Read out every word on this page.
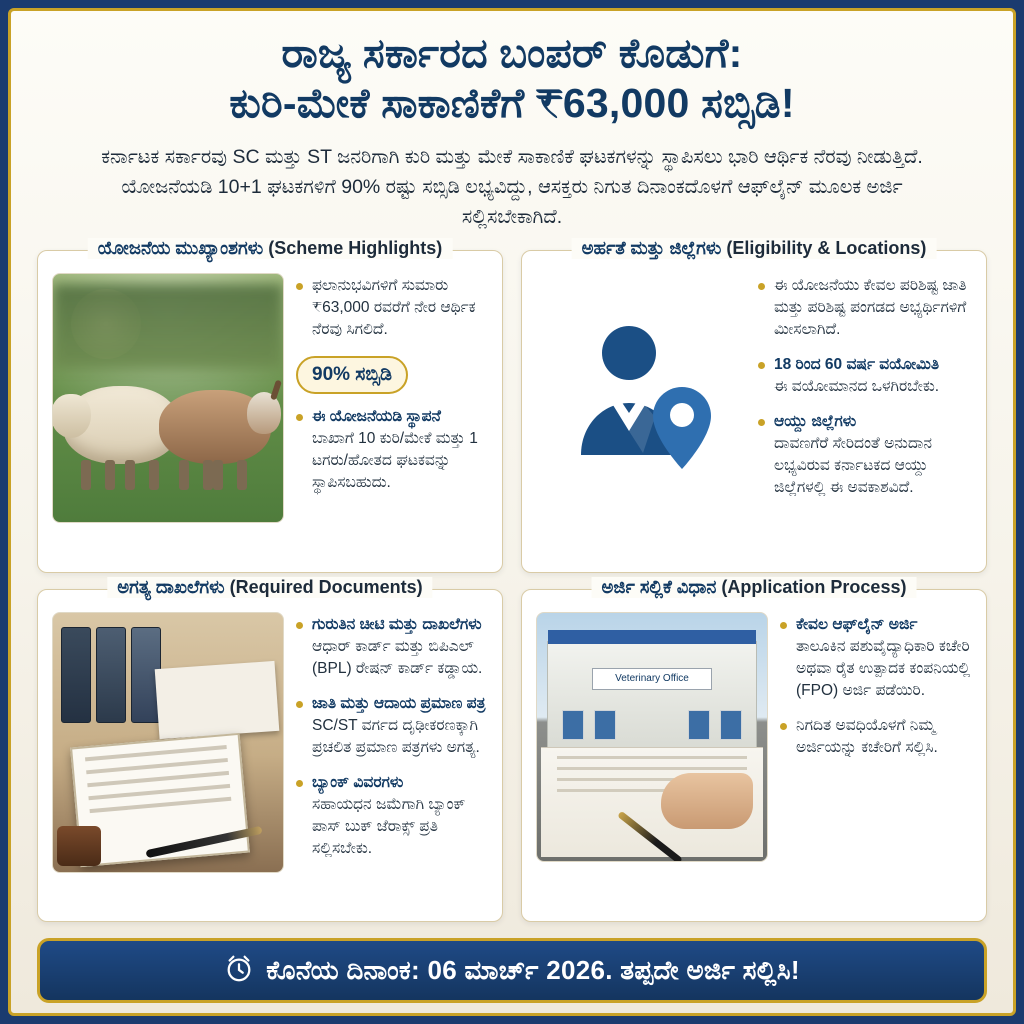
ರಾಜ್ಯ ಸರ್ಕಾರದ ಬಂಪರ್ ಕೊಡುಗೆ:
ಕುರಿ-ಮೇಕೆ ಸಾಕಾಣಿಕೆಗೆ ₹63,000 ಸಬ್ಸಿಡಿ!
ಕರ್ನಾಟಕ ಸರ್ಕಾರವು SC ಮತ್ತು ST ಜನರಿಗಾಗಿ ಕುರಿ ಮತ್ತು ಮೇಕೆ ಸಾಕಾಣಿಕೆ ಘಟಕಗಳನ್ನು ಸ್ಥಾಪಿಸಲು ಭಾರಿ ಆರ್ಥಿಕ ನೆರವು ನೀಡುತ್ತಿದೆ. ಯೋಜನೆಯಡಿ 10+1 ಘಟಕಗಳಿಗೆ 90% ರಷ್ಟು ಸಬ್ಸಿಡಿ ಲಭ್ಯವಿದ್ದು, ಆಸಕ್ತರು ನಿಗುತ ದಿನಾಂಕದೊಳಗೆ ಆಫ್‌ಲೈನ್ ಮೂಲಕ ಅರ್ಜಿ ಸಲ್ಲಿಸಬೇಕಾಗಿದೆ.
ಯೋಜನೆಯ ಮುಖ್ಯಾಂಶಗಳು (Scheme Highlights)
ಫಲಾನುಭವಿಗಳಿಗೆ ಸುಮಾರು ₹63,000 ರವರೆಗೆ ನೇರ ಆರ್ಥಿಕ ನೆರವು ಸಿಗಲಿದೆ.
90% ಸಬ್ಸಿಡಿ
ಈ ಯೋಜನೆಯಡಿ ಸ್ಥಾಪನೆ
ಬಾಖಾಗೆ 10 ಕುರಿ/ಮೇಕೆ ಮತ್ತು 1 ಟಗರು/ಹೋತದ ಘಟಕವನ್ನು ಸ್ಥಾಪಿಸಬಹುದು.
ಅರ್ಹತೆ ಮತ್ತು ಜಿಲ್ಲೆಗಳು (Eligibility & Locations)
ಈ ಯೋಜನೆಯು ಕೇವಲ ಪರಿಶಿಷ್ಟ ಜಾತಿ ಮತ್ತು ಪರಿಶಿಷ್ಟ ಪಂಗಡದ ಅಭ್ಯರ್ಥಿಗಳಿಗೆ ಮೀಸಲಾಗಿದೆ.
18 ರಿಂದ 60 ವರ್ಷ ವಯೋಮಿತಿ
ಈ ವಯೋಮಾನದ ಒಳಗಿರಬೇಕು.
ಆಯ್ದು ಜಿಲ್ಲೆಗಳು
ದಾವಣಗೆರೆ ಸೇರಿದಂತೆ ಅನುದಾನ ಲಭ್ಯವಿರುವ ಕರ್ನಾಟಕದ ಆಯ್ದು ಜಿಲ್ಲೆಗಳಲ್ಲಿ ಈ ಅವಕಾಶವಿದೆ.
ಅಗತ್ಯ ದಾಖಲೆಗಳು (Required Documents)
ಗುರುತಿನ ಚೀಟಿ ಮತ್ತು ದಾಖಲೆಗಳು
ಆಧಾರ್ ಕಾರ್ಡ್ ಮತ್ತು ಬಿಪಿಎಲ್ (BPL) ರೇಷನ್ ಕಾರ್ಡ್ ಕಡ್ಡಾಯ.
ಜಾತಿ ಮತ್ತು ಆದಾಯ ಪ್ರಮಾಣ ಪತ್ರ
SC/ST ವರ್ಗದ ದೃಢೀಕರಣಕ್ಕಾಗಿ ಪ್ರಚಲಿತ ಪ್ರಮಾಣ ಪತ್ರಗಳು ಅಗತ್ಯ.
ಬ್ಯಾಂಕ್ ವಿವರಗಳು
ಸಹಾಯಧನ ಜಮೆಗಾಗಿ ಬ್ಯಾಂಕ್ ಪಾಸ್ ಬುಕ್ ಜೆರಾಕ್ಸ್ ಪ್ರತಿ ಸಲ್ಲಿಸಬೇಕು.
ಅರ್ಜಿ ಸಲ್ಲಿಕೆ ವಿಧಾನ (Application Process)
Veterinary Office
ಕೇವಲ ಆಫ್‌ಲೈನ್ ಅರ್ಜಿ
ತಾಲೂಕಿನ ಪಶುವೈದ್ಯಾಧಿಕಾರಿ ಕಚೇರಿ ಅಥವಾ ರೈತ ಉತ್ಪಾದಕ ಕಂಪನಿಯಲ್ಲಿ (FPO) ಅರ್ಜಿ ಪಡೆಯಿರಿ.
ನಿಗದಿತ ಅವಧಿಯೊಳಗೆ ನಿಮ್ಮ ಅರ್ಜಿಯನ್ನು ಕಚೇರಿಗೆ ಸಲ್ಲಿಸಿ.
ಕೊನೆಯ ದಿನಾಂಕ: 06 ಮಾರ್ಚ್ 2026. ತಪ್ಪದೇ ಅರ್ಜಿ ಸಲ್ಲಿಸಿ!
